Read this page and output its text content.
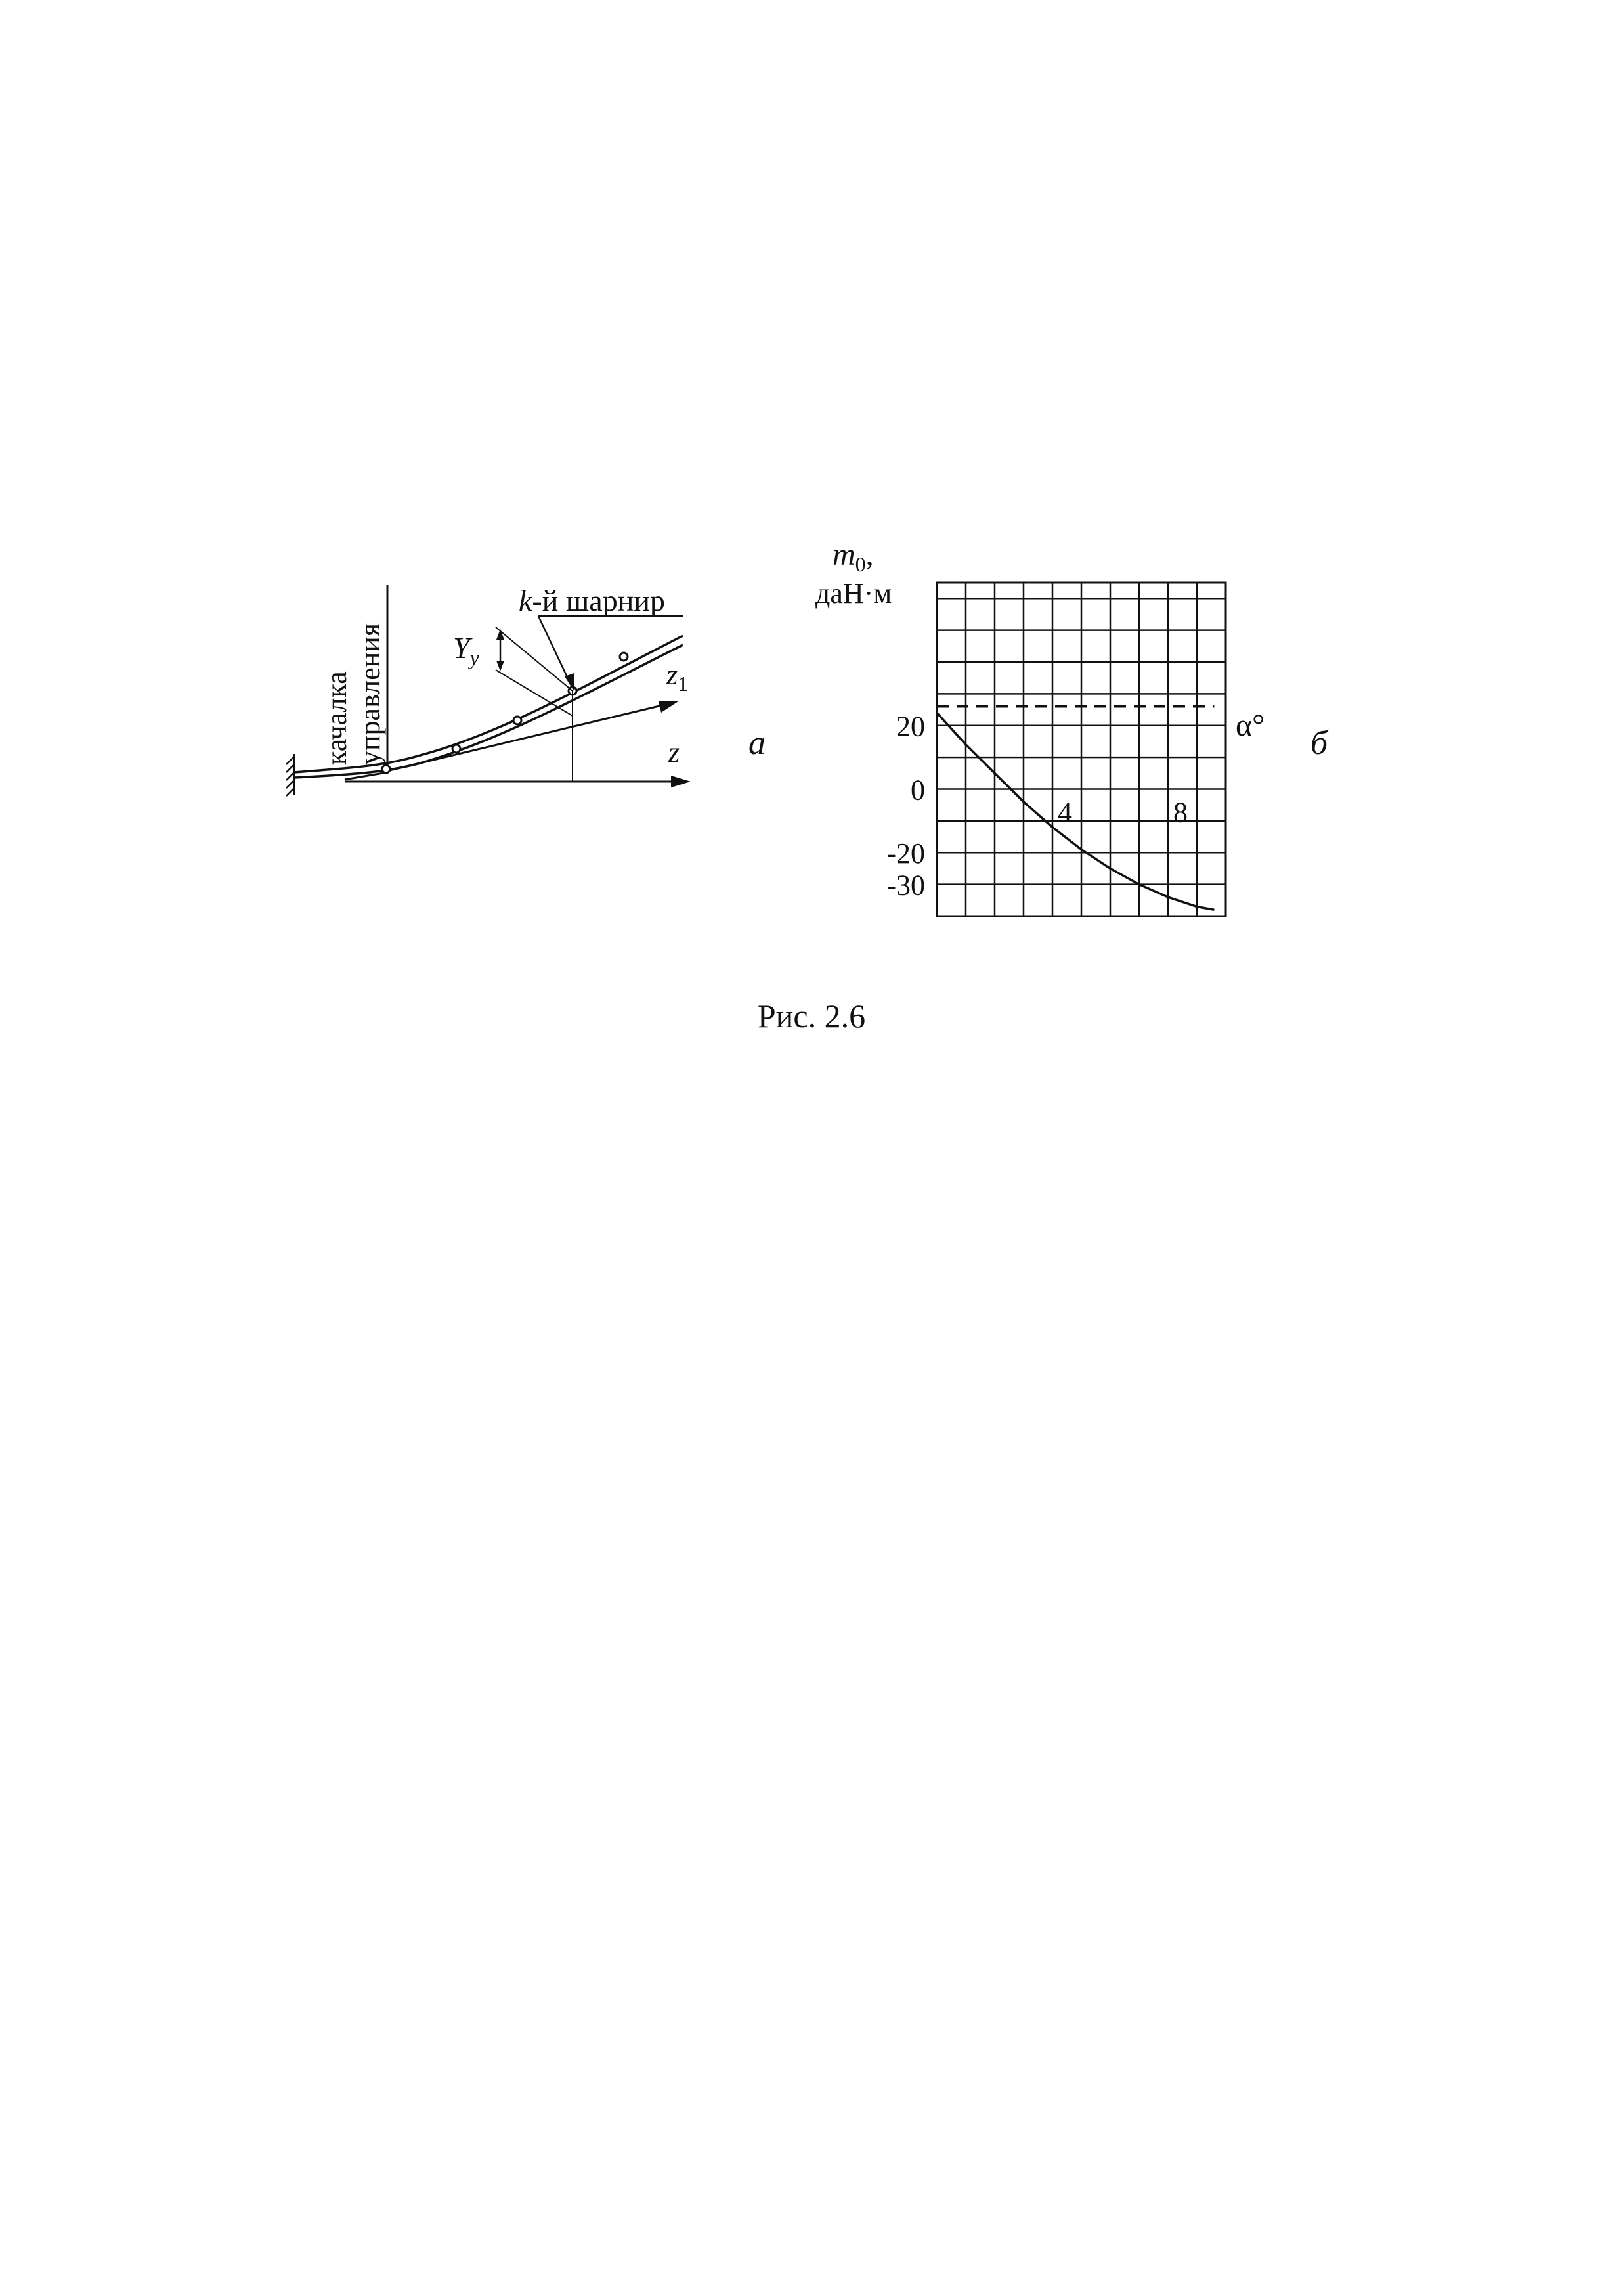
качалка управления
k-й шарнир
$Y_y$
$z_1$
z а	20
0
-20
-30
4	8
$m_0$,
даН·м
α° б
Рис. 2.6
